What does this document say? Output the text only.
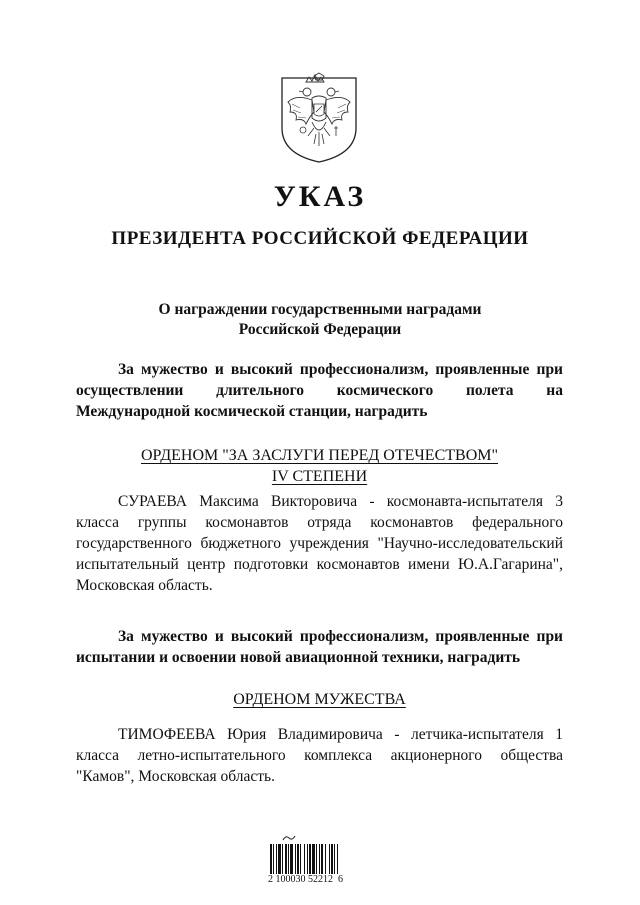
УКАЗ
ПРЕЗИДЕНТА РОССИЙСКОЙ ФЕДЕРАЦИИ
О награждении государственными наградами
Российской Федерации

За мужество и высокий профессионализм, проявленные при осуществлении длительного космического полета на Международной космической станции, наградить

ОРДЕНОМ "ЗА ЗАСЛУГИ ПЕРЕД ОТЕЧЕСТВОМ"
IV СТЕПЕНИ

СУРАЕВА Максима Викторовича - космонавта-испытателя 3 класса группы космонавтов отряда космонавтов федерального государственного бюджетного учреждения "Научно-исследовательский испытательный центр подготовки космонавтов имени Ю.А.Гагарина", Московская область.

За мужество и высокий профессионализм, проявленные при испытании и освоении новой авиационной техники, наградить

ОРДЕНОМ МУЖЕСТВА

ТИМОФЕЕВА Юрия Владимировича - летчика-испытателя 1 класса летно-испытательного комплекса акционерного общества "Камов", Московская область.

2 100030 52212  6
